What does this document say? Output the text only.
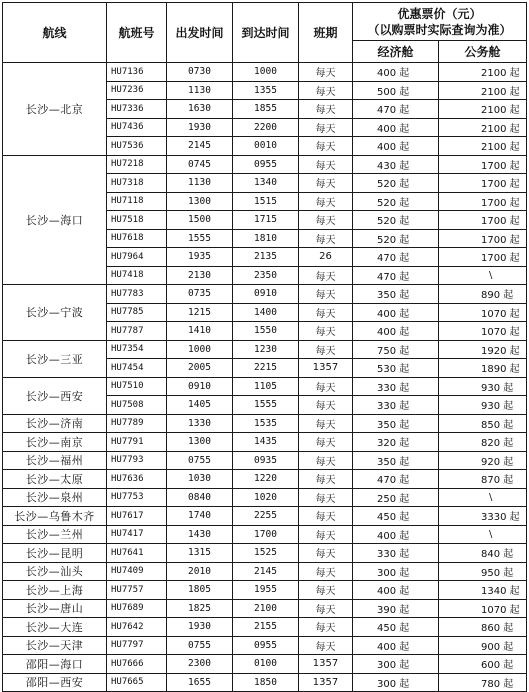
航线	航班号	出发时间	到达时间	班期	优惠票价（元）
（以购票时实际查询为准）	

					经济舱	公务舱
长沙—北京	HU7136	0730	1000	每天	400 起	2100 起
	HU7236	1130	1355	每天	500 起	2100 起
	HU7336	1630	1855	每天	470 起	2100 起
	HU7436	1930	2200	每天	400 起	2100 起
	HU7536	2145	0010	每天	400 起	2100 起
长沙—海口	HU7218	0745	0955	每天	430 起	1700 起
	HU7318	1130	1340	每天	520 起	1700 起
	HU7118	1300	1515	每天	520 起	1700 起
	HU7518	1500	1715	每天	520 起	1700 起
	HU7618	1555	1810	每天	520 起	1700 起
	HU7964	1935	2135	26	470 起	1700 起
	HU7418	2130	2350	每天	470 起	\
长沙—宁波	HU7783	0735	0910	每天	350 起	890 起
	HU7785	1215	1400	每天	400 起	1070 起
	HU7787	1410	1550	每天	400 起	1070 起
长沙—三亚	HU7354	1000	1230	每天	750 起	1920 起
	HU7454	2005	2215	1357	530 起	1890 起
长沙—西安	HU7510	0910	1105	每天	330 起	930 起
	HU7508	1405	1555	每天	330 起	930 起
长沙—济南	HU7789	1330	1535	每天	350 起	850 起
长沙—南京	HU7791	1300	1435	每天	320 起	820 起
长沙—福州	HU7793	0755	0935	每天	350 起	920 起
长沙—太原	HU7636	1030	1220	每天	470 起	870 起
长沙—泉州	HU7753	0840	1020	每天	250 起	\
长沙—乌鲁木齐	HU7617	1740	2255	每天	450 起	3330 起
长沙—兰州	HU7417	1430	1700	每天	400 起	\
长沙—昆明	HU7641	1315	1525	每天	330 起	840 起
长沙—汕头	HU7409	2010	2145	每天	300 起	950 起
长沙—上海	HU7757	1805	1955	每天	400 起	1340 起
长沙—唐山	HU7689	1825	2100	每天	390 起	1070 起
长沙—大连	HU7642	1930	2155	每天	450 起	860 起
长沙—天津	HU7797	0755	0955	每天	400 起	900 起
邵阳—海口	HU7666	2300	0100	1357	300 起	600 起
邵阳—西安	HU7665	1655	1850	1357	300 起	780 起
